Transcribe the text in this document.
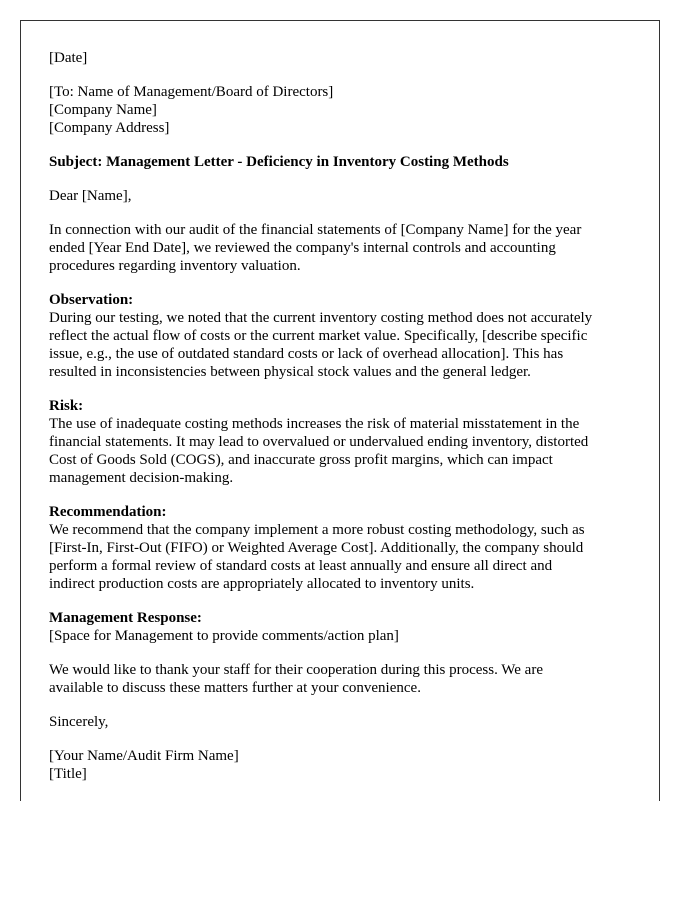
[Date]

[To: Name of Management/Board of Directors]
[Company Name]
[Company Address]

Subject: Management Letter - Deficiency in Inventory Costing Methods

Dear [Name],

In connection with our audit of the financial statements of [Company Name] for the year
ended [Year End Date], we reviewed the company's internal controls and accounting
procedures regarding inventory valuation.

Observation:
During our testing, we noted that the current inventory costing method does not accurately
reflect the actual flow of costs or the current market value. Specifically, [describe specific
issue, e.g., the use of outdated standard costs or lack of overhead allocation]. This has
resulted in inconsistencies between physical stock values and the general ledger.

Risk:
The use of inadequate costing methods increases the risk of material misstatement in the
financial statements. It may lead to overvalued or undervalued ending inventory, distorted
Cost of Goods Sold (COGS), and inaccurate gross profit margins, which can impact
management decision-making.

Recommendation:
We recommend that the company implement a more robust costing methodology, such as
[First-In, First-Out (FIFO) or Weighted Average Cost]. Additionally, the company should
perform a formal review of standard costs at least annually and ensure all direct and
indirect production costs are appropriately allocated to inventory units.

Management Response:
[Space for Management to provide comments/action plan]

We would like to thank your staff for their cooperation during this process. We are
available to discuss these matters further at your convenience.

Sincerely,

[Your Name/Audit Firm Name]
[Title]
